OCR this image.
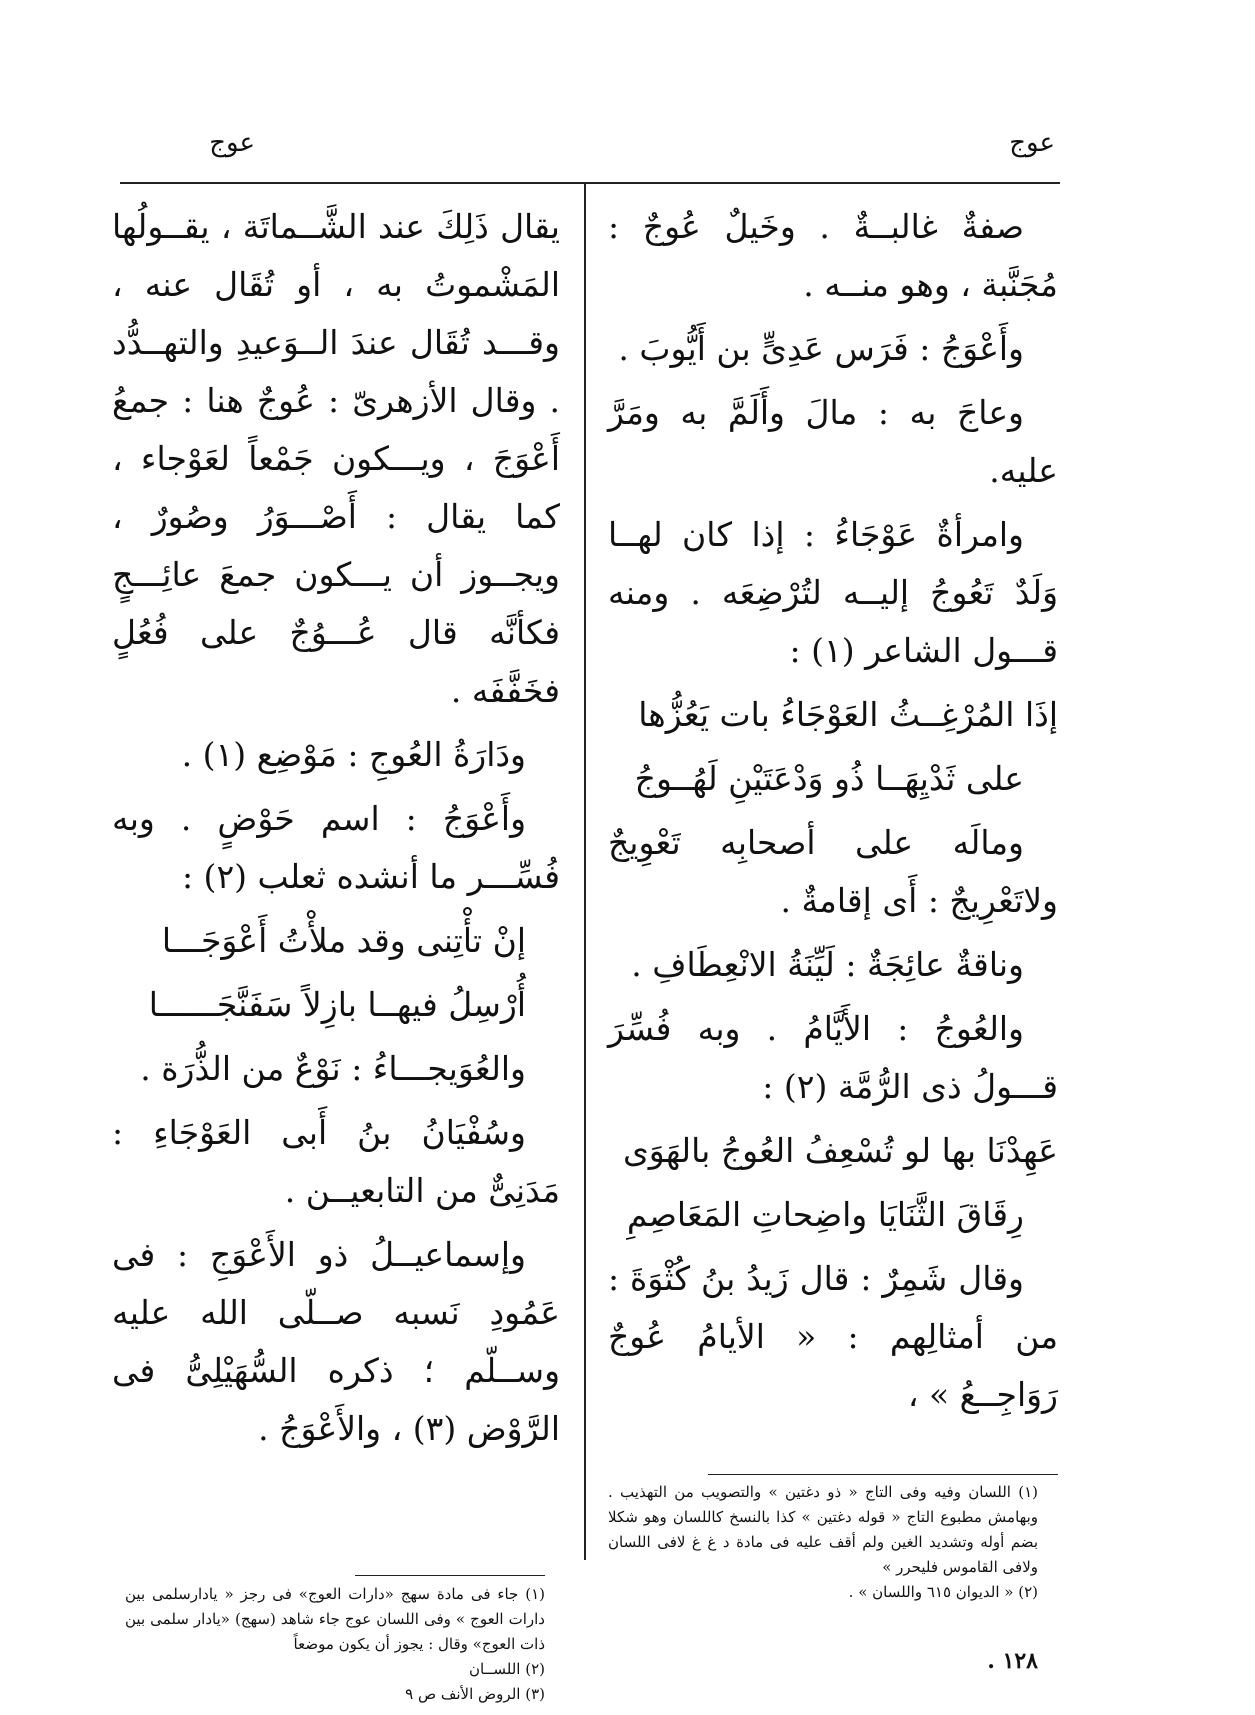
عوج
عوج

صفةٌ غالبــةٌ . وخَيلٌ عُوجٌ : مُجَنَّبة ، وهو منــه .

وأَعْوَجُ : فَرَس عَدِىٍّ بن أَيُّوبَ .

وعاجَ به : مالَ وأَلَمَّ به ومَرَّ عليه.

وامرأةٌ عَوْجَاءُ : إذا كان لهــا وَلَدٌ تَعُوجُ إليــه لتُرْضِعَه . ومنه قـــول الشاعر (١) :

إذَا المُرْغِــثُ العَوْجَاءُ بات يَعُزُّها

على ثَدْيِهَــا ذُو وَدْعَتَيْنِ لَهُــوجُ

ومالَه على أصحابِه تَعْوِيجٌ ولاتَعْرِيجٌ : أَى إقامةٌ .

وناقةٌ عائِجَةٌ : لَيِّنَةُ الانْعِطَافِ .

والعُوجُ : الأَيَّامُ . وبه فُسِّرَ قـــولُ ذى الرُّمَّة (٢) :

عَهِدْنَا بها لو تُسْعِفُ العُوجُ بالهَوَى

رِقَاقَ الثَّنَايَا واضِحاتِ المَعَاصِمِ

وقال شَمِرٌ : قال زَيدُ بنُ كُثْوَةَ : من أمثالِهم : « الأيامُ عُوجٌ رَوَاجِــعُ » ،

يقال ذَلِكَ عند الشَّــماتَة ، يقــولُها المَشْموتُ به ، أو تُقَال عنه ، وقـــد تُقَال عندَ الــوَعيدِ والتهــدُّد . وقال الأزهرىّ : عُوجٌ هنا : جمعُ أَعْوَجَ ، ويـــكون جَمْعاً لعَوْجاء ، كما يقال : أَصْـــوَرُ وصُورٌ ، ويجــوز أن يـــكون جمعَ عائِـــجٍ فكأنَّه قال عُـــوُجٌ على فُعُلٍ فخَفَّفَه .

ودَارَةُ العُوجِ : مَوْضِع (١) .

وأَعْوَجُ : اسم حَوْضٍ . وبه فُسِّـــر ما أنشده ثعلب (٢) :

إنْ تأْتِنى وقد ملأْتُ أَعْوَجَـــا

أُرْسِلُ فيهــا بازِلاً سَفَنَّجَــــــا

والعُوَيجـــاءُ : نَوْعٌ من الذُّرَة .

وسُفْيَانُ بنُ أَبى العَوْجَاءِ : مَدَنِىٌّ من التابعيــن .

وإسماعيــلُ ذو الأَعْوَجِ : فى عَمُودِ نَسبه صــلّى الله عليه وســلّم ؛ ذكره السُّهَيْلِىُّ فى الرَّوْض (٣) ، والأَعْوَجُ .

(١) اللسان وفيه وفى التاج « ذو دغتين » والتصويب من التهذيب . وبهامش مطبوع التاج « قوله دغتين » كذا بالنسخ كاللسان وهو شكلا بضم أوله وتشديد الغين ولم أقف عليه فى مادة د غ غ لافى اللسان ولافى القاموس فليحرر »

(٢) « الديوان ٦١٥ واللسان » .

(١) جاء فى مادة سهج «دارات العوج» فى رجز « يادارسلمى بين دارات العوج » وفى اللسان عوج جاء شاهد (سهج) «يادار سلمى بين ذات العوج» وقال : يجوز أن يكون موضعاً

(٢) اللســان

(٣) الروض الأنف ص ٩

١٢٨ .
